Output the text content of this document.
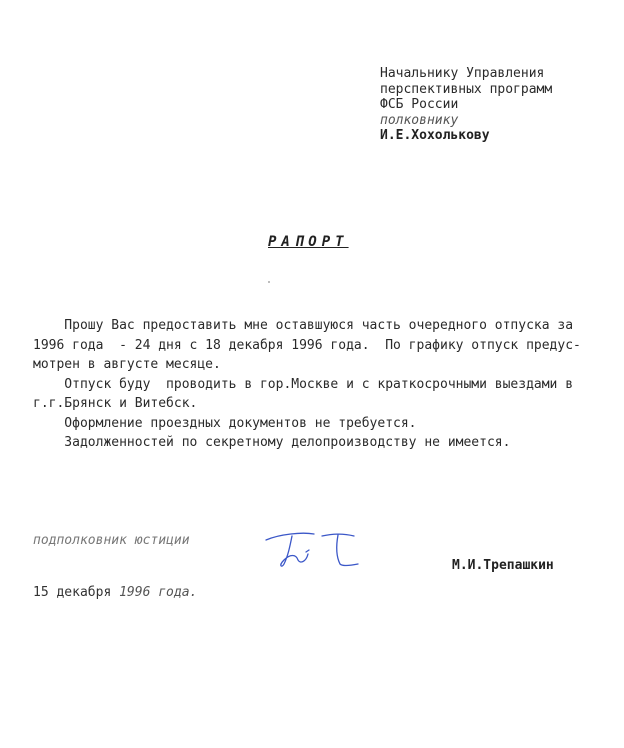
Начальнику Управления
перспективных программ
ФСБ России
полковнику
И.Е.Хохолькову
РАПОРТ

Прошу Вас предоставить мне оставшуюся часть очередного отпуска за

1996 года  - 24 дня с 18 декабря 1996 года.  По графику отпуск предус-

мотрен в августе месяце.

Отпуск буду  проводить в гор.Москве и с краткосрочными выездами в

г.г.Брянск и Витебск.

Оформление проездных документов не требуется.

Задолженностей по секретному делопроизводству не имеется.

подполковник юстиции
М.И.Трепашкин
15 декабря 1996 года.
